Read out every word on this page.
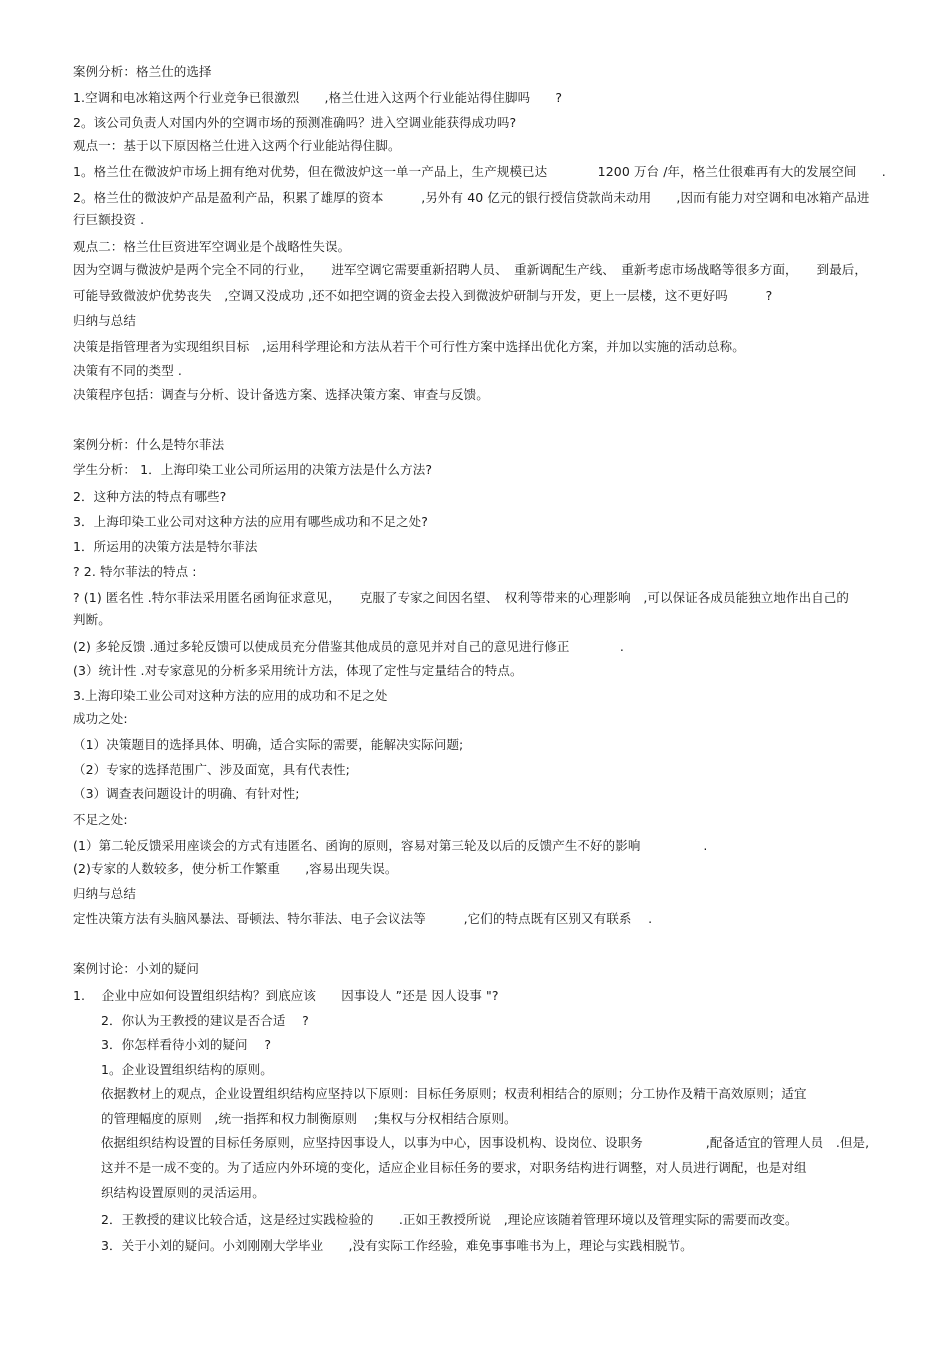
案例分析：格兰仕的选择
1.空调和电冰箱这两个行业竞争已很激烈　　,格兰仕进入这两个行业能站得住脚吗　　?
2。该公司负责人对国内外的空调市场的预测准确吗？进入空调业能获得成功吗?
观点一：基于以下原因格兰仕进入这两个行业能站得住脚。
1。格兰仕在微波炉市场上拥有绝对优势，但在微波炉这一单一产品上，生产规模已达　　　　1200 万台 /年，格兰仕很难再有大的发展空间　　.
2。格兰仕的微波炉产品是盈利产品，积累了雄厚的资本　　　,另外有 40 亿元的银行授信贷款尚未动用　　,因而有能力对空调和电冰箱产品进
行巨额投资 .
观点二：格兰仕巨资进军空调业是个战略性失误。
因为空调与微波炉是两个完全不同的行业，　　进军空调它需要重新招聘人员、　重新调配生产线、　重新考虑市场战略等很多方面，　　到最后，
可能导致微波炉优势丧失　,空调又没成功 ,还不如把空调的资金去投入到微波炉研制与开发，更上一层楼，这不更好吗　　　?
归纳与总结
决策是指管理者为实现组织目标　,运用科学理论和方法从若干个可行性方案中选择出优化方案，并加以实施的活动总称。
决策有不同的类型 .
决策程序包括：调查与分析、设计备选方案、选择决策方案、审查与反馈。
案例分析：什么是特尔菲法
学生分析： 1．上海印染工业公司所运用的决策方法是什么方法?
2．这种方法的特点有哪些?
3．上海印染工业公司对这种方法的应用有哪些成功和不足之处?
1．所运用的决策方法是特尔菲法
? 2. 特尔菲法的特点 :
? (1) 匿名性 .特尔菲法采用匿名函询征求意见，　　克服了专家之间因名望、　权利等带来的心理影响　,可以保证各成员能独立地作出自己的
判断。
(2) 多轮反馈 .通过多轮反馈可以使成员充分借鉴其他成员的意见并对自己的意见进行修正　　　　.
(3）统计性 .对专家意见的分析多采用统计方法，体现了定性与定量结合的特点。
3.上海印染工业公司对这种方法的应用的成功和不足之处
成功之处:
（1）决策题目的选择具体、明确，适合实际的需要，能解决实际问题;
（2）专家的选择范围广、涉及面宽，具有代表性;
（3）调查表问题设计的明确、有针对性;
不足之处:
(1）第二轮反馈采用座谈会的方式有违匿名、函询的原则，容易对第三轮及以后的反馈产生不好的影响　　　　　.
(2)专家的人数较多，使分析工作繁重　　,容易出现失误。
归纳与总结
定性决策方法有头脑风暴法、哥顿法、特尔菲法、电子会议法等　　　,它们的特点既有区别又有联系　 .
案例讨论：小刘的疑问
1.　 企业中应如何设置组织结构？到底应该　　因事设人 ”还是 因人设事 "?
2．你认为王教授的建议是否合适　 ?
3．你怎样看待小刘的疑问　 ?
1。企业设置组织结构的原则。
依据教材上的观点，企业设置组织结构应坚持以下原则：目标任务原则；权责利相结合的原则；分工协作及精干高效原则；适宜
的管理幅度的原则　,统一指挥和权力制衡原则　 ;集权与分权相结合原则。
依据组织结构设置的目标任务原则，应坚持因事设人，以事为中心，因事设机构、设岗位、设职务　　　　　,配备适宜的管理人员　.但是,
这并不是一成不变的。为了适应内外环境的变化，适应企业目标任务的要求，对职务结构进行调整，对人员进行调配，也是对组
织结构设置原则的灵活运用。
2．王教授的建议比较合适，这是经过实践检验的　　.正如王教授所说　,理论应该随着管理环境以及管理实际的需要而改变。
3．关于小刘的疑问。小刘刚刚大学毕业　　,没有实际工作经验，难免事事唯书为上，理论与实践相脱节。
